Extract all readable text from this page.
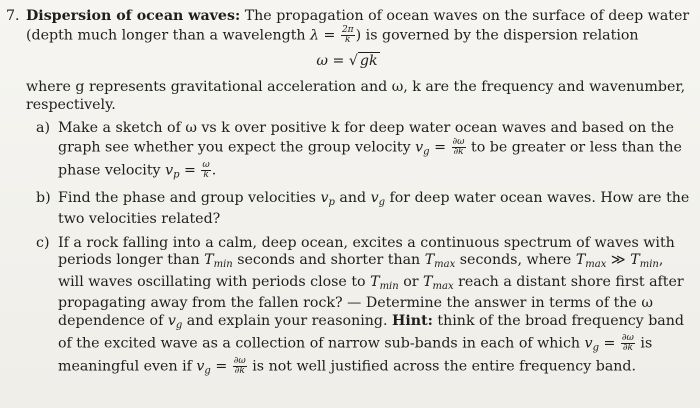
7. Dispersion of ocean waves: The propagation of ocean waves on the surface of deep water (depth much longer than a wavelength $\lambda = \frac{2\pi}{k}$ ) is governed by the dispersion relation
ω = √ gk
where g represents gravitational acceleration and ω, k are the frequency and wavenumber, respectively.
a) Make a sketch of ω vs k over positive k for deep water ocean waves and based on the graph see whether you expect the group velocity $v_g = \frac{\partial\omega}{\partial k}$ to be greater or less than the phase velocity $v_p = \frac{\omega}{k}$ .
b) Find the phase and group velocities $v_p$ and $v_g$ for deep water ocean waves. How are the two velocities related?
c) If a rock falling into a calm, deep ocean, excites a continuous spectrum of waves with periods longer than $T_{min}$ seconds and shorter than $T_{max}$ seconds, where $T_{max}$ ≫ $T_{min}$, will waves oscillating with periods close to $T_{min}$ or $T_{max}$ reach a distant shore first after propagating away from the fallen rock? — Determine the answer in terms of the ω dependence of $v_g$ and explain your reasoning. Hint: think of the broad frequency band of the excited wave as a collection of narrow sub-bands in each of which $v_g = \frac{\partial\omega}{\partial k}$ is meaningful even if $v_g = \frac{\partial\omega}{\partial k}$ is not well justified across the entire frequency band.
